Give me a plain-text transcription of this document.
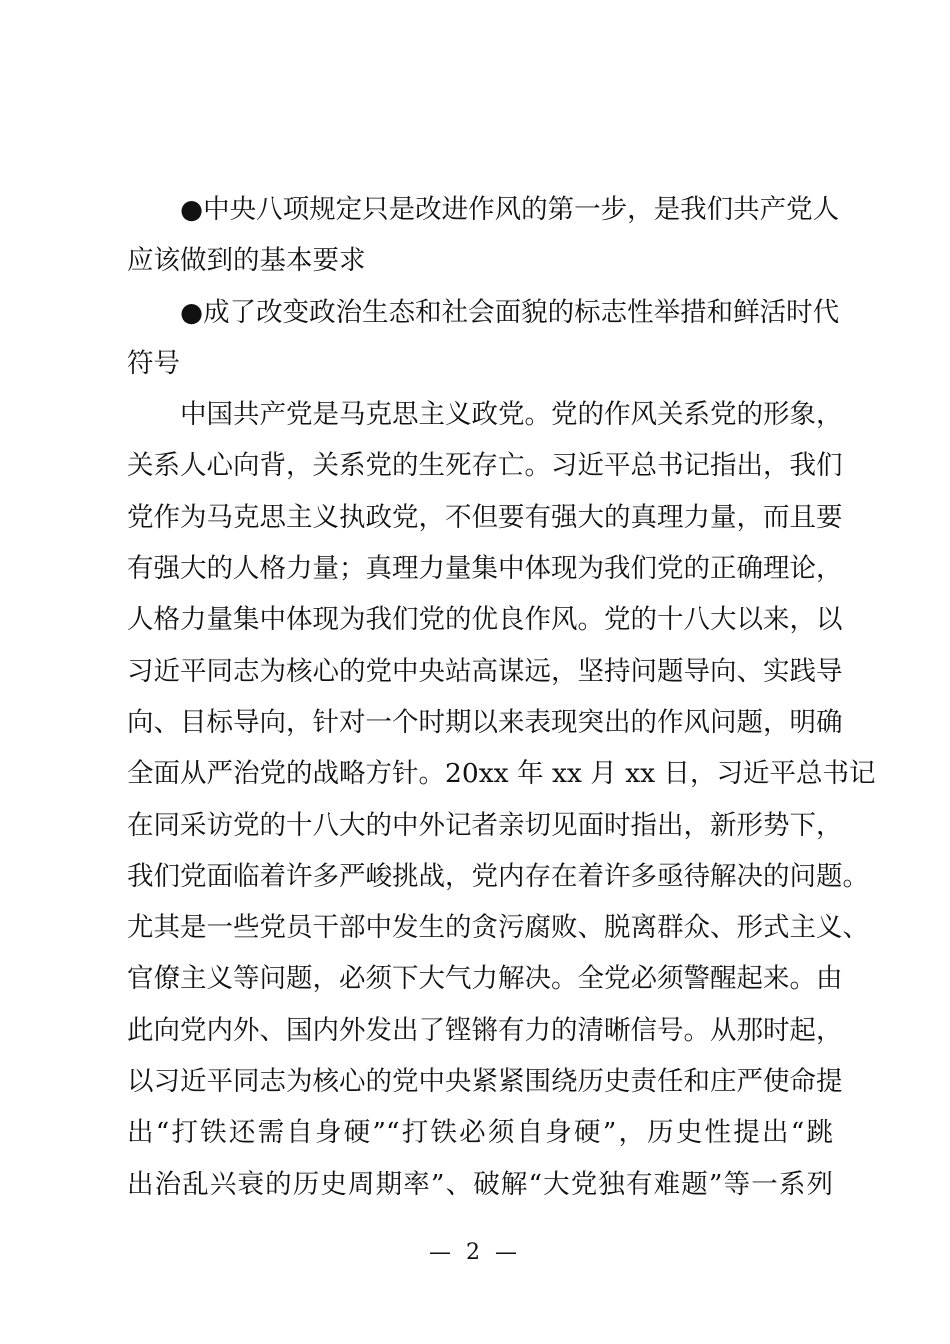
●中央八项规定只是改进作风的第一步，是我们共产党人
应该做到的基本要求
●成了改变政治生态和社会面貌的标志性举措和鲜活时代
符号
中国共产党是马克思主义政党。党的作风关系党的形象，
关系人心向背，关系党的生死存亡。习近平总书记指出，我们
党作为马克思主义执政党，不但要有强大的真理力量，而且要
有强大的人格力量；真理力量集中体现为我们党的正确理论，
人格力量集中体现为我们党的优良作风。党的十八大以来，以
习近平同志为核心的党中央站高谋远，坚持问题导向、实践导
向、目标导向，针对一个时期以来表现突出的作风问题，明确
全面从严治党的战略方针。20xx 年 xx 月 xx 日，习近平总书记
在同采访党的十八大的中外记者亲切见面时指出，新形势下，
我们党面临着许多严峻挑战，党内存在着许多亟待解决的问题。
尤其是一些党员干部中发生的贪污腐败、脱离群众、形式主义、
官僚主义等问题，必须下大气力解决。全党必须警醒起来。由
此向党内外、国内外发出了铿锵有力的清晰信号。从那时起，
以习近平同志为核心的党中央紧紧围绕历史责任和庄严使命提
出“打铁还需自身硬”“打铁必须自身硬”，历史性提出“跳
出治乱兴衰的历史周期率”、破解“大党独有难题”等一系列
— 2 —
